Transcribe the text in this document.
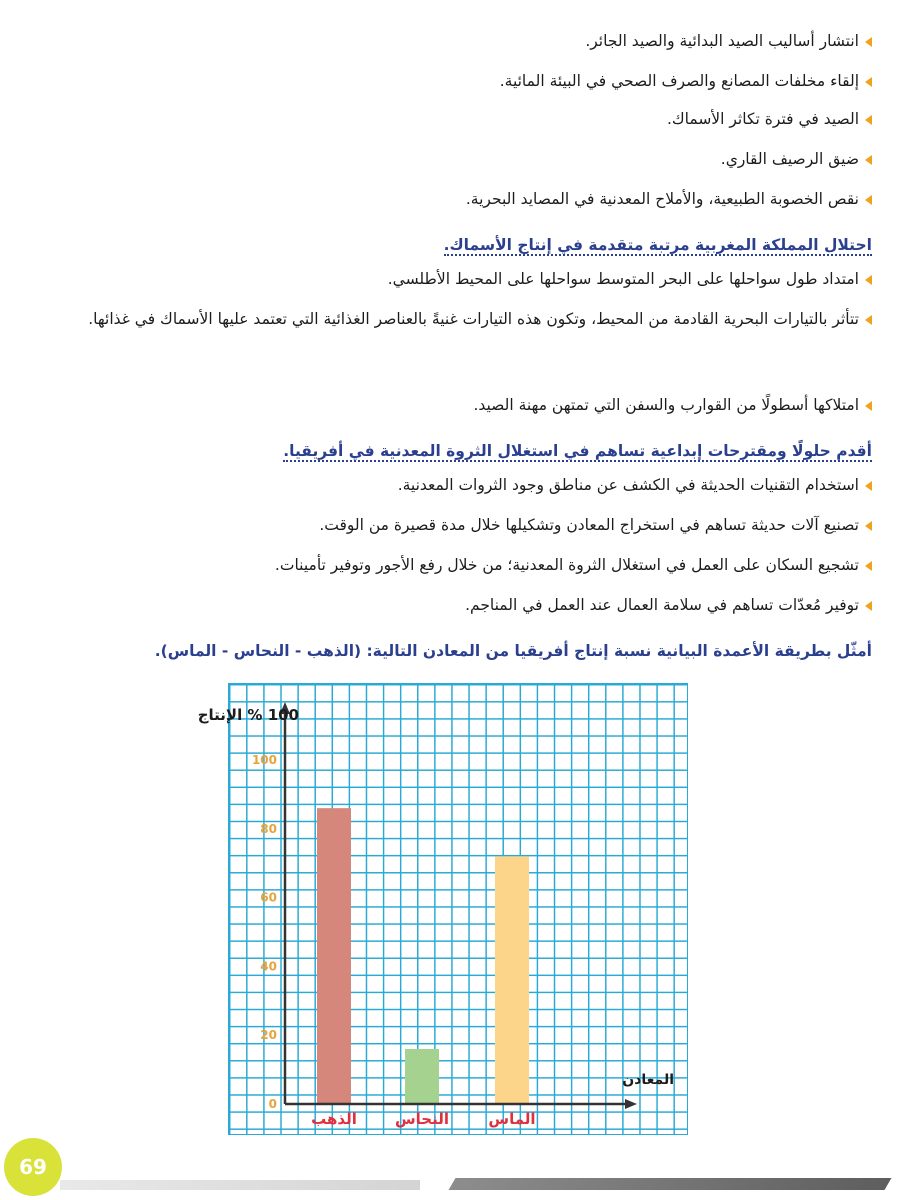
انتشار أساليب الصيد البدائية والصيد الجائر.
إلقاء مخلفات المصانع والصرف الصحي في البيئة المائية.
الصيد في فترة تكاثر الأسماك.
ضيق الرصيف القاري.
نقص الخصوبة الطبيعية، والأملاح المعدنية في المصايد البحرية.
احتلال المملكة المغربية مرتبة متقدمة في إنتاج الأسماك.
امتداد طول سواحلها على البحر المتوسط سواحلها على المحيط الأطلسي.
تتأثر بالتيارات البحرية القادمة من المحيط، وتكون هذه التيارات غنيةً بالعناصر الغذائية التي تعتمد عليها الأسماك في غذائها.
امتلاكها أسطولًا من القوارب والسفن التي تمتهن مهنة الصيد.
أقدم حلولًا ومقترحات إبداعية تساهم في استغلال الثروة المعدنية في أفريقيا.
استخدام التقنيات الحديثة في الكشف عن مناطق وجود الثروات المعدنية.
تصنيع آلات حديثة تساهم في استخراج المعادن وتشكيلها خلال مدة قصيرة من الوقت.
تشجيع السكان على العمل في استغلال الثروة المعدنية؛ من خلال رفع الأجور وتوفير تأمينات.
توفير مُعدّات تساهم في سلامة العمال عند العمل في المناجم.
أمثّل بطريقة الأعمدة البيانية نسبة إنتاج أفريقيا من المعادن التالية: (الذهب - النحاس - الماس).
0
20
40
60
80
100
الذهب	النحاس	الماس
100 % الإنتاج
المعادن
69
